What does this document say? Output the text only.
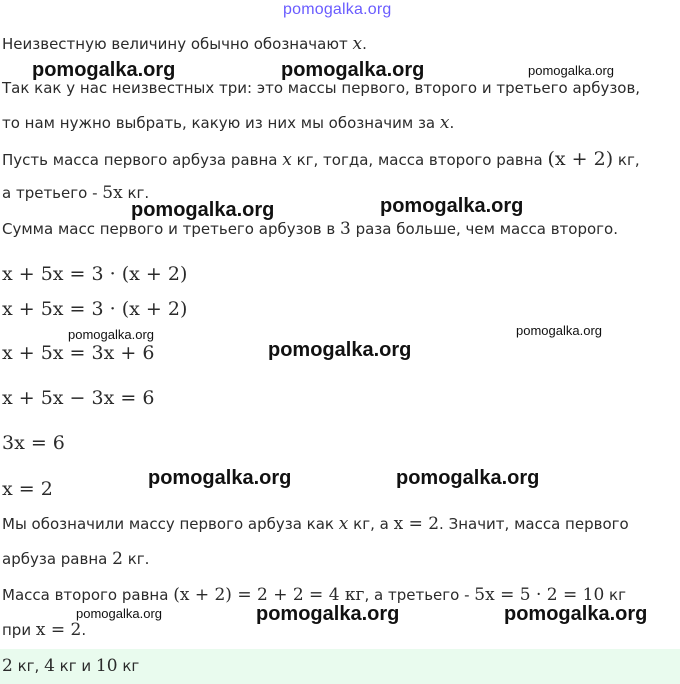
pomogalka.org
Неизвестную величину обычно обозначают x.
Так как у нас неизвестных три: это массы первого, второго и третьего арбузов,
то нам нужно выбрать, какую из них мы обозначим за x.
Пусть масса первого арбуза равна x кг, тогда, масса второго равна (x + 2) кг,
а третьего - 5x кг.
Сумма масс первого и третьего арбузов в 3 раза больше, чем масса второго.
x + 5x = 3 · (x + 2)
x + 5x = 3 · (x + 2)
x + 5x = 3x + 6
x + 5x − 3x = 6
3x = 6
x = 2
Мы обозначили массу первого арбуза как x кг, а x = 2. Значит, масса первого
арбуза равна 2 кг.
Масса второго равна (x + 2) = 2 + 2 = 4 кг, а третьего - 5x = 5 · 2 = 10 кг
при x = 2.
2 кг, 4 кг и 10 кг
pomogalka.org	pomogalka.org	pomogalka.org
pomogalka.org	pomogalka.org
pomogalka.org	pomogalka.org
pomogalka.org
pomogalka.org	pomogalka.org
pomogalka.org	pomogalka.org	pomogalka.org
